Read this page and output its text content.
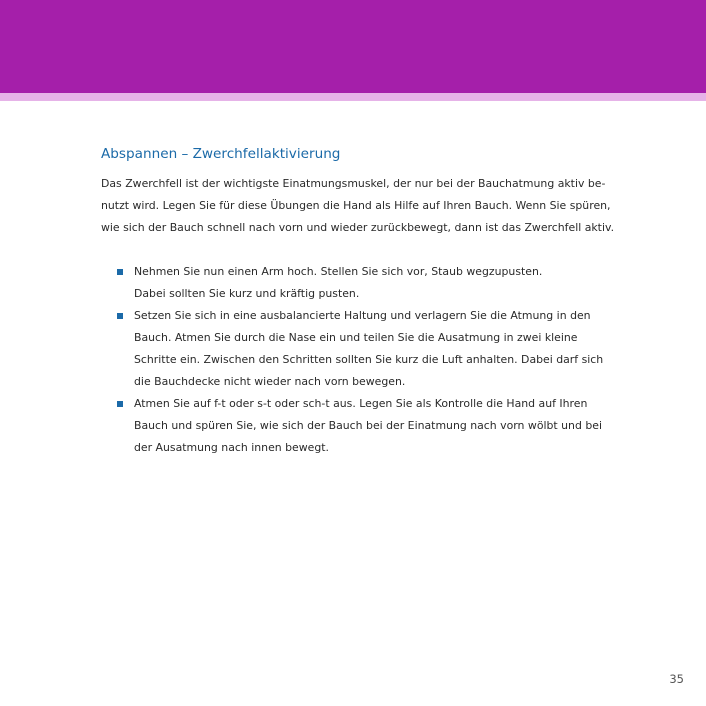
Abspannen – Zwerchfellaktivierung

Das Zwerchfell ist der wichtigste Einatmungsmuskel, der nur bei der Bauchatmung aktiv be-
nutzt wird. Legen Sie für diese Übungen die Hand als Hilfe auf Ihren Bauch. Wenn Sie spüren,
wie sich der Bauch schnell nach vorn und wieder zurückbewegt, dann ist das Zwerchfell aktiv.

Nehmen Sie nun einen Arm hoch. Stellen Sie sich vor, Staub wegzupusten.
Dabei sollten Sie kurz und kräftig pusten.
Setzen Sie sich in eine ausbalancierte Haltung und verlagern Sie die Atmung in den
Bauch. Atmen Sie durch die Nase ein und teilen Sie die Ausatmung in zwei kleine
Schritte ein. Zwischen den Schritten sollten Sie kurz die Luft anhalten. Dabei darf sich
die Bauchdecke nicht wieder nach vorn bewegen.
Atmen Sie auf f-t oder s-t oder sch-t aus. Legen Sie als Kontrolle die Hand auf Ihren
Bauch und spüren Sie, wie sich der Bauch bei der Einatmung nach vorn wölbt und bei
der Ausatmung nach innen bewegt.
35
